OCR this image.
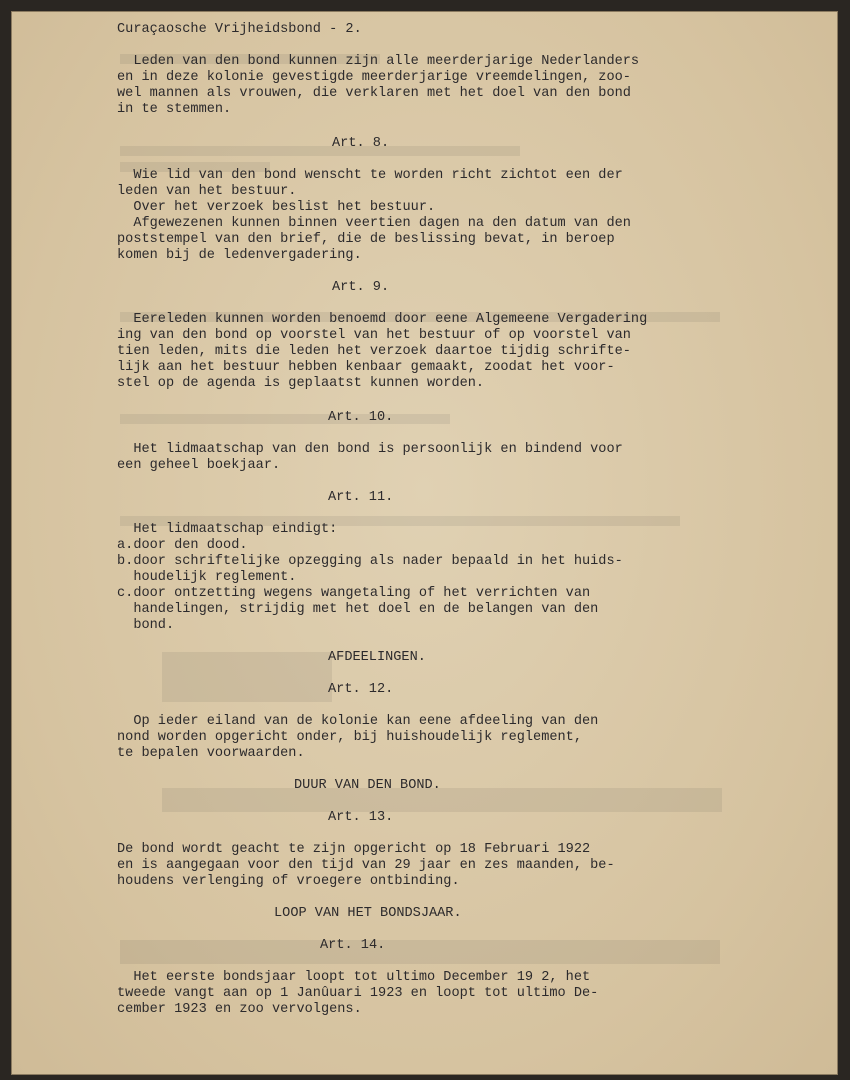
Curaçaosche Vrijheidsbond - 2.
Leden van den bond kunnen zijn alle meerderjarige Nederlanders
en in deze kolonie gevestigde meerderjarige vreemdelingen, zoo-
wel mannen als vrouwen, die verklaren met het doel van den bond
in te stemmen.
Art. 8.
Wie lid van den bond wenscht te worden richt zichtot een der
leden van het bestuur.
Over het verzoek beslist het bestuur.
Afgewezenen kunnen binnen veertien dagen na den datum van den
poststempel van den brief, die de beslissing bevat, in beroep
komen bij de ledenvergadering.
Art. 9.
Eereleden kunnen worden benoemd door eene Algemeene Vergadering
ing van den bond op voorstel van het bestuur of op voorstel van
tien leden, mits die leden het verzoek daartoe tijdig schrifte-
lijk aan het bestuur hebben kenbaar gemaakt, zoodat het voor-
stel op de agenda is geplaatst kunnen worden.
Art. 10.
Het lidmaatschap van den bond is persoonlijk en bindend voor
een geheel boekjaar.
Art. 11.
Het lidmaatschap eindigt:
a.door den dood.
b.door schriftelijke opzegging als nader bepaald in het huids-
houdelijk reglement.
c.door ontzetting wegens wangetaling of het verrichten van
handelingen, strijdig met het doel en de belangen van den
bond.
AFDEELINGEN.
Art. 12.
Op ieder eiland van de kolonie kan eene afdeeling van den
nond worden opgericht onder, bij huishoudelijk reglement,
te bepalen voorwaarden.
DUUR VAN DEN BOND.
Art. 13.
De bond wordt geacht te zijn opgericht op 18 Februari 1922
en is aangegaan voor den tijd van 29 jaar en zes maanden, be-
houdens verlenging of vroegere ontbinding.
LOOP VAN HET BONDSJAAR.
Art. 14.
Het eerste bondsjaar loopt tot ultimo December 19 2, het
tweede vangt aan op 1 Janûuari 1923 en loopt tot ultimo De-
cember 1923 en zoo vervolgens.
